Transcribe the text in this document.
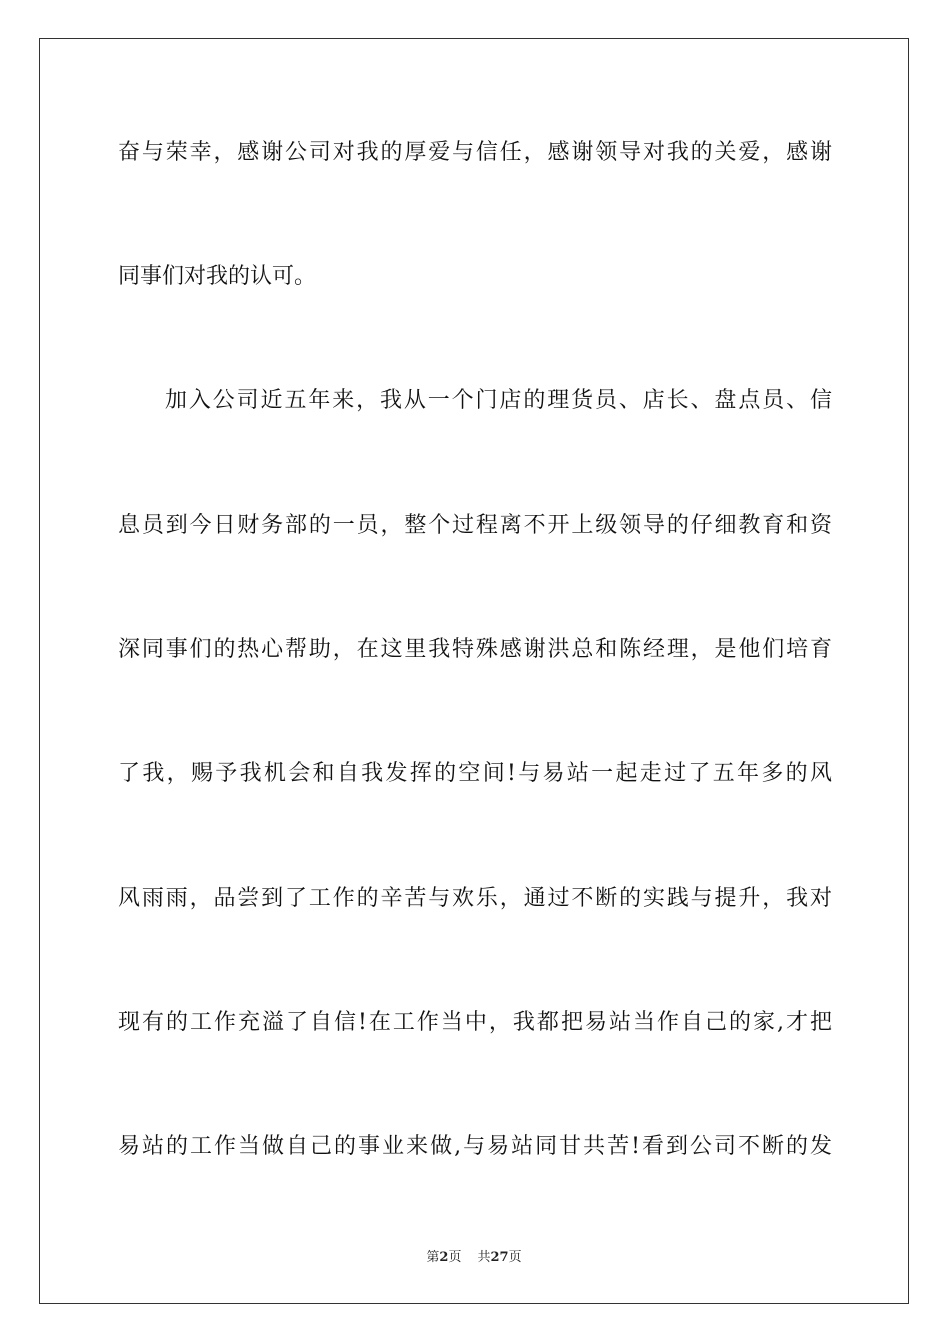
奋与荣幸，感谢公司对我的厚爱与信任，感谢领导对我的关爱，感谢
同事们对我的认可。
加入公司近五年来，我从一个门店的理货员、店长、盘点员、信
息员到今日财务部的一员，整个过程离不开上级领导的仔细教育和资
深同事们的热心帮助，在这里我特殊感谢洪总和陈经理，是他们培育
了我，赐予我机会和自我发挥的空间!与易站一起走过了五年多的风
风雨雨，品尝到了工作的辛苦与欢乐，通过不断的实践与提升，我对
现有的工作充溢了自信!在工作当中，我都把易站当作自己的家,才把
易站的工作当做自己的事业来做,与易站同甘共苦!看到公司不断的发
第2页 共27页
